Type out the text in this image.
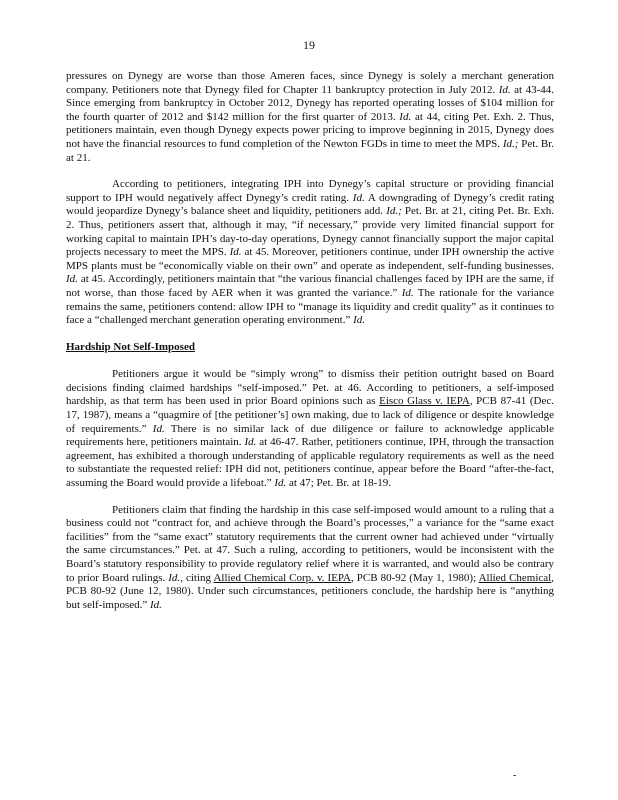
19

pressures on Dynegy are worse than those Ameren faces, since Dynegy is solely a merchant generation company. Petitioners note that Dynegy filed for Chapter 11 bankruptcy protection in July 2012. Id. at 43-44. Since emerging from bankruptcy in October 2012, Dynegy has reported operating losses of $104 million for the fourth quarter of 2012 and $142 million for the first quarter of 2013. Id. at 44, citing Pet. Exh. 2. Thus, petitioners maintain, even though Dynegy expects power pricing to improve beginning in 2015, Dynegy does not have the financial resources to fund completion of the Newton FGDs in time to meet the MPS. Id.; Pet. Br. at 21.

According to petitioners, integrating IPH into Dynegy’s capital structure or providing financial support to IPH would negatively affect Dynegy’s credit rating. Id. A downgrading of Dynegy’s credit rating would jeopardize Dynegy’s balance sheet and liquidity, petitioners add. Id.; Pet. Br. at 21, citing Pet. Br. Exh. 2. Thus, petitioners assert that, although it may, “if necessary,” provide very limited financial support for working capital to maintain IPH’s day-to-day operations, Dynegy cannot financially support the major capital projects necessary to meet the MPS. Id. at 45. Moreover, petitioners continue, under IPH ownership the active MPS plants must be “economically viable on their own” and operate as independent, self-funding businesses. Id. at 45. Accordingly, petitioners maintain that “the various financial challenges faced by IPH are the same, if not worse, than those faced by AER when it was granted the variance.” Id. The rationale for the variance remains the same, petitioners contend: allow IPH to “manage its liquidity and credit quality” as it continues to face a “challenged merchant generation operating environment.” Id.

Hardship Not Self-Imposed

Petitioners argue it would be “simply wrong” to dismiss their petition outright based on Board decisions finding claimed hardships “self-imposed.” Pet. at 46. According to petitioners, a self-imposed hardship, as that term has been used in prior Board opinions such as Eisco Glass v. IEPA, PCB 87-41 (Dec. 17, 1987), means a “quagmire of [the petitioner’s] own making, due to lack of diligence or despite knowledge of requirements.” Id. There is no similar lack of due diligence or failure to acknowledge applicable requirements here, petitioners maintain. Id. at 46-47. Rather, petitioners continue, IPH, through the transaction agreement, has exhibited a thorough understanding of applicable regulatory requirements as well as the need to substantiate the requested relief: IPH did not, petitioners continue, appear before the Board “after-the-fact, assuming the Board would provide a lifeboat.” Id. at 47; Pet. Br. at 18-19.

Petitioners claim that finding the hardship in this case self-imposed would amount to a ruling that a business could not “contract for, and achieve through the Board’s processes,” a variance for the “same exact facilities” from the “same exact” statutory requirements that the current owner had achieved under “virtually the same circumstances.” Pet. at 47. Such a ruling, according to petitioners, would be inconsistent with the Board’s statutory responsibility to provide regulatory relief where it is warranted, and would also be contrary to prior Board rulings. Id., citing Allied Chemical Corp. v. IEPA, PCB 80-92 (May 1, 1980); Allied Chemical, PCB 80-92 (June 12, 1980). Under such circumstances, petitioners conclude, the hardship here is “anything but self-imposed.” Id.

-
